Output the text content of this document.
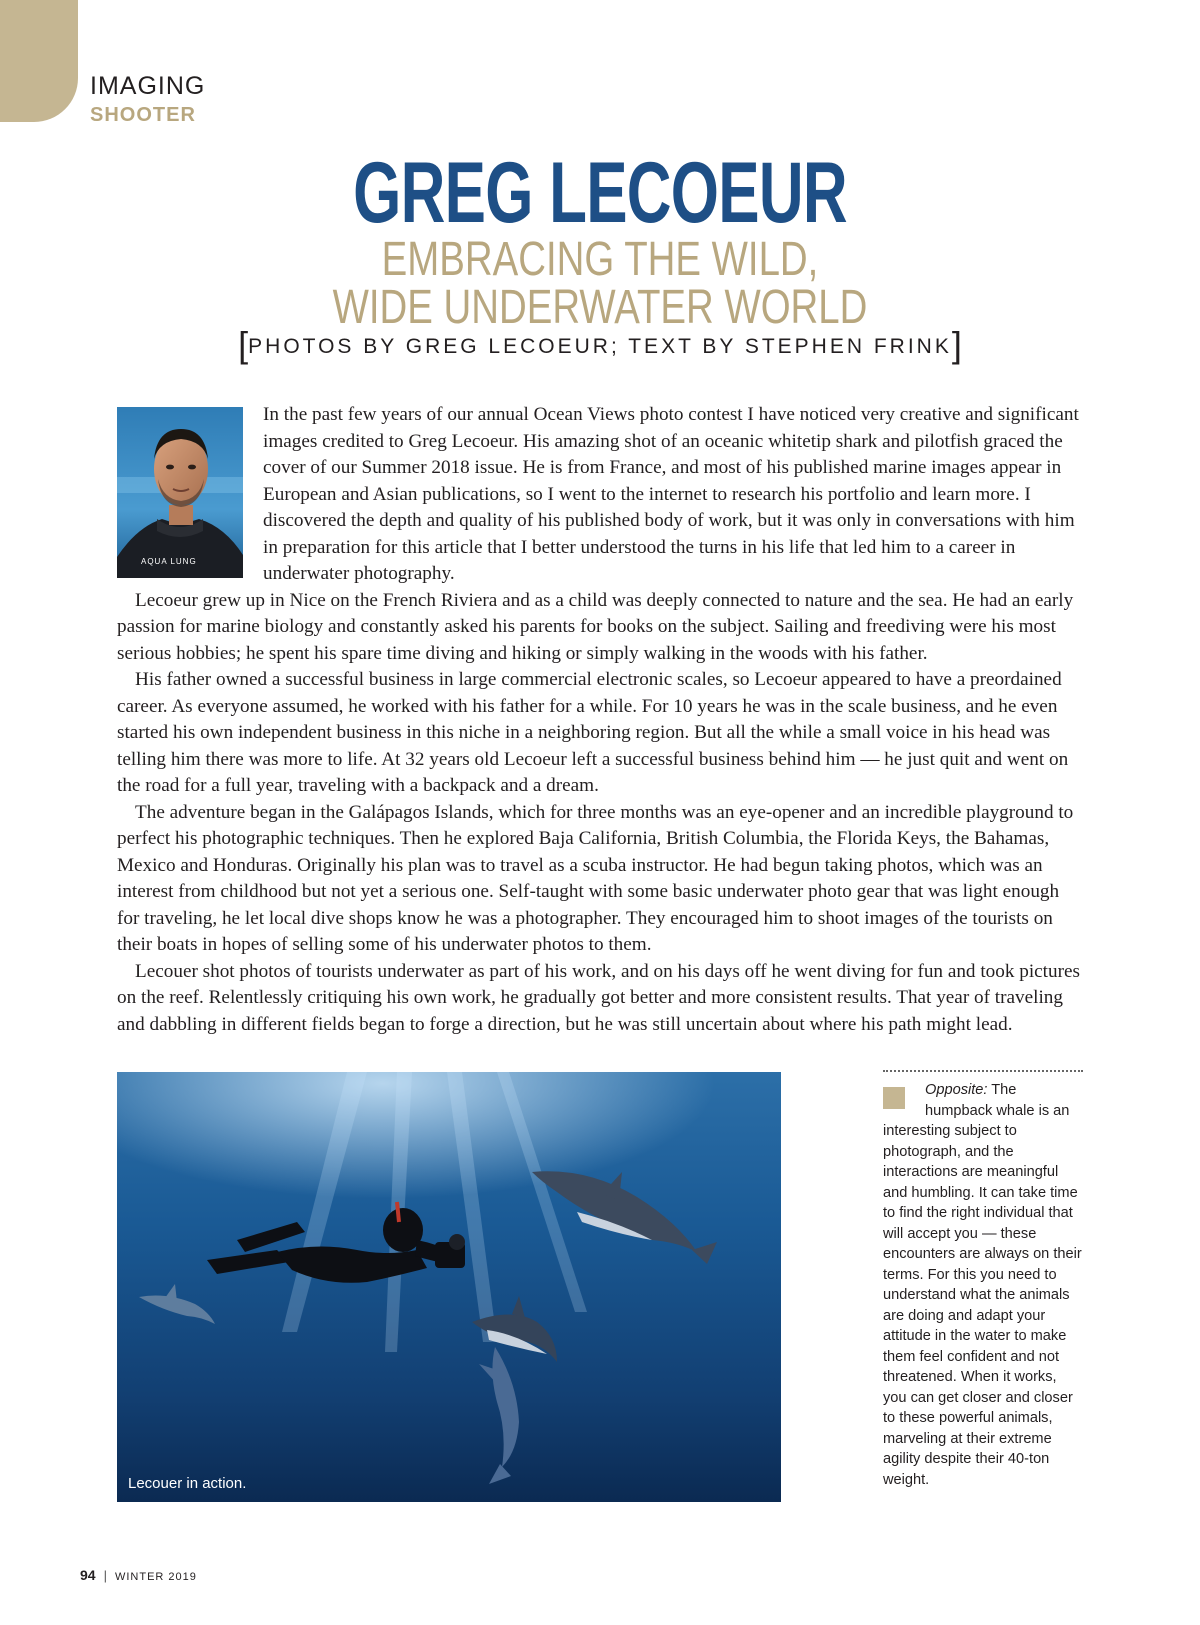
IMAGING
SHOOTER
GREG LECOEUR
EMBRACING THE WILD,
WIDE UNDERWATER WORLD
[PHOTOS BY GREG LECOEUR; TEXT BY STEPHEN FRINK]
AQUA LUNG

In the past few years of our annual Ocean Views photo contest I have noticed very creative and significant images credited to Greg Lecoeur. His amazing shot of an oceanic whitetip shark and pilotfish graced the cover of our Summer 2018 issue. He is from France, and most of his published marine images appear in European and Asian publications, so I went to the internet to research his portfolio and learn more. I discovered the depth and quality of his published body of work, but it was only in conversations with him in preparation for this article that I better understood the turns in his life that led him to a career in underwater photography.

Lecoeur grew up in Nice on the French Riviera and as a child was deeply connected to nature and the sea. He had an early passion for marine biology and constantly asked his parents for books on the subject. Sailing and freediving were his most serious hobbies; he spent his spare time diving and hiking or simply walking in the woods with his father.

His father owned a successful business in large commercial electronic scales, so Lecoeur appeared to have a preordained career. As everyone assumed, he worked with his father for a while. For 10 years he was in the scale business, and he even started his own independent business in this niche in a neighboring region. But all the while a small voice in his head was telling him there was more to life. At 32 years old Lecoeur left a successful business behind him — he just quit and went on the road for a full year, traveling with a backpack and a dream.

The adventure began in the Galápagos Islands, which for three months was an eye-opener and an incredible playground to perfect his photographic techniques. Then he explored Baja California, British Columbia, the Florida Keys, the Bahamas, Mexico and Honduras. Originally his plan was to travel as a scuba instructor. He had begun taking photos, which was an interest from childhood but not yet a serious one. Self-taught with some basic underwater photo gear that was light enough for traveling, he let local dive shops know he was a photographer. They encouraged him to shoot images of the tourists on their boats in hopes of selling some of his underwater photos to them.

Lecouer shot photos of tourists underwater as part of his work, and on his days off he went diving for fun and took pictures on the reef. Relentlessly critiquing his own work, he gradually got better and more consistent results. That year of traveling and dabbling in different fields began to forge a direction, but he was still uncertain about where his path might lead.

Lecouer in action.
Opposite: The humpback whale is an interesting subject to photograph, and the interactions are meaningful and humbling. It can take time to find the right individual that will accept you — these encounters are always on their terms. For this you need to understand what the animals are doing and adapt your attitude in the water to make them feel confident and not threatened. When it works, you can get closer and closer to these powerful animals, marveling at their extreme agility despite their 40-ton weight.
94 | WINTER 2019
